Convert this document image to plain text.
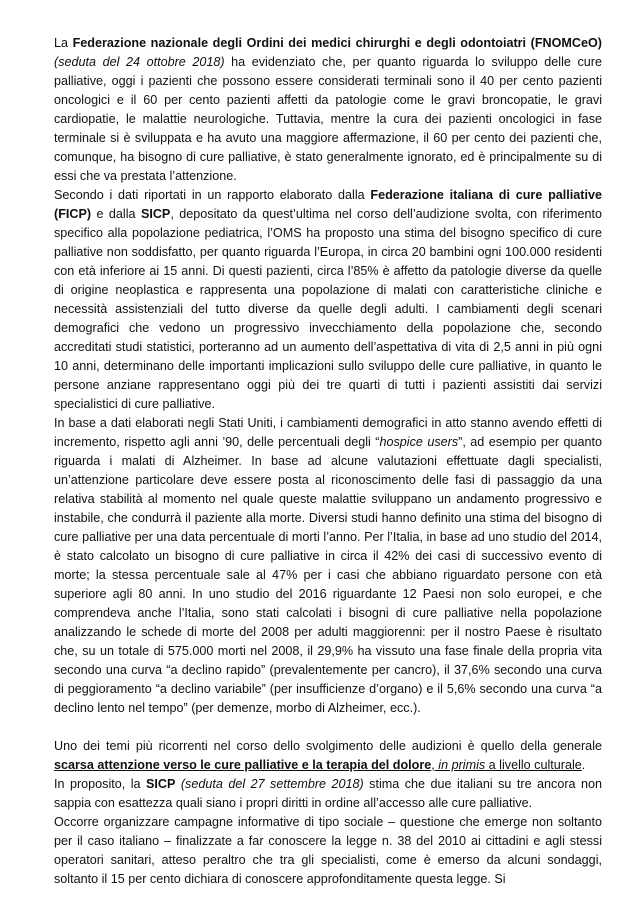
La Federazione nazionale degli Ordini dei medici chirurghi e degli odontoiatri (FNOMCeO) (seduta del 24 ottobre 2018) ha evidenziato che, per quanto riguarda lo sviluppo delle cure palliative, oggi i pazienti che possono essere considerati terminali sono il 40 per cento pazienti oncologici e il 60 per cento pazienti affetti da patologie come le gravi broncopatie, le gravi cardiopatie, le malattie neurologiche. Tuttavia, mentre la cura dei pazienti oncologici in fase terminale si è sviluppata e ha avuto una maggiore affermazione, il 60 per cento dei pazienti che, comunque, ha bisogno di cure palliative, è stato generalmente ignorato, ed è principalmente su di essi che va prestata l’attenzione.

Secondo i dati riportati in un rapporto elaborato dalla Federazione italiana di cure palliative (FICP) e dalla SICP, depositato da quest’ultima nel corso dell’audizione svolta, con riferimento specifico alla popolazione pediatrica, l’OMS ha proposto una stima del bisogno specifico di cure palliative non soddisfatto, per quanto riguarda l’Europa, in circa 20 bambini ogni 100.000 residenti con età inferiore ai 15 anni. Di questi pazienti, circa l’85% è affetto da patologie diverse da quelle di origine neoplastica e rappresenta una popolazione di malati con caratteristiche cliniche e necessità assistenziali del tutto diverse da quelle degli adulti. I cambiamenti degli scenari demografici che vedono un progressivo invecchiamento della popolazione che, secondo accreditati studi statistici, porteranno ad un aumento dell’aspettativa di vita di 2,5 anni in più ogni 10 anni, determinano delle importanti implicazioni sullo sviluppo delle cure palliative, in quanto le persone anziane rappresentano oggi più dei tre quarti di tutti i pazienti assistiti dai servizi specialistici di cure palliative.

In base a dati elaborati negli Stati Uniti, i cambiamenti demografici in atto stanno avendo effetti di incremento, rispetto agli anni ’90, delle percentuali degli “hospice users”, ad esempio per quanto riguarda i malati di Alzheimer. In base ad alcune valutazioni effettuate dagli specialisti, un’attenzione particolare deve essere posta al riconoscimento delle fasi di passaggio da una relativa stabilità al momento nel quale queste malattie sviluppano un andamento progressivo e instabile, che condurrà il paziente alla morte. Diversi studi hanno definito una stima del bisogno di cure palliative per una data percentuale di morti l’anno. Per l’Italia, in base ad uno studio del 2014, è stato calcolato un bisogno di cure palliative in circa il 42% dei casi di successivo evento di morte; la stessa percentuale sale al 47% per i casi che abbiano riguardato persone con età superiore agli 80 anni. In uno studio del 2016 riguardante 12 Paesi non solo europei, e che comprendeva anche l’Italia, sono stati calcolati i bisogni di cure palliative nella popolazione analizzando le schede di morte del 2008 per adulti maggiorenni: per il nostro Paese è risultato che, su un totale di 575.000 morti nel 2008, il 29,9% ha vissuto una fase finale della propria vita secondo una curva “a declino rapido” (prevalentemente per cancro), il 37,6% secondo una curva di peggioramento “a declino variabile” (per insufficienze d’organo) e il 5,6% secondo una curva “a declino lento nel tempo” (per demenze, morbo di Alzheimer, ecc.).

Uno dei temi più ricorrenti nel corso dello svolgimento delle audizioni è quello della generale scarsa attenzione verso le cure palliative e la terapia del dolore, in primis a livello culturale.

In proposito, la SICP (seduta del 27 settembre 2018) stima che due italiani su tre ancora non sappia con esattezza quali siano i propri diritti in ordine all’accesso alle cure palliative.

Occorre organizzare campagne informative di tipo sociale – questione che emerge non soltanto per il caso italiano – finalizzate a far conoscere la legge n. 38 del 2010 ai cittadini e agli stessi operatori sanitari, atteso peraltro che tra gli specialisti, come è emerso da alcuni sondaggi, soltanto il 15 per cento dichiara di conoscere approfonditamente questa legge. Si
